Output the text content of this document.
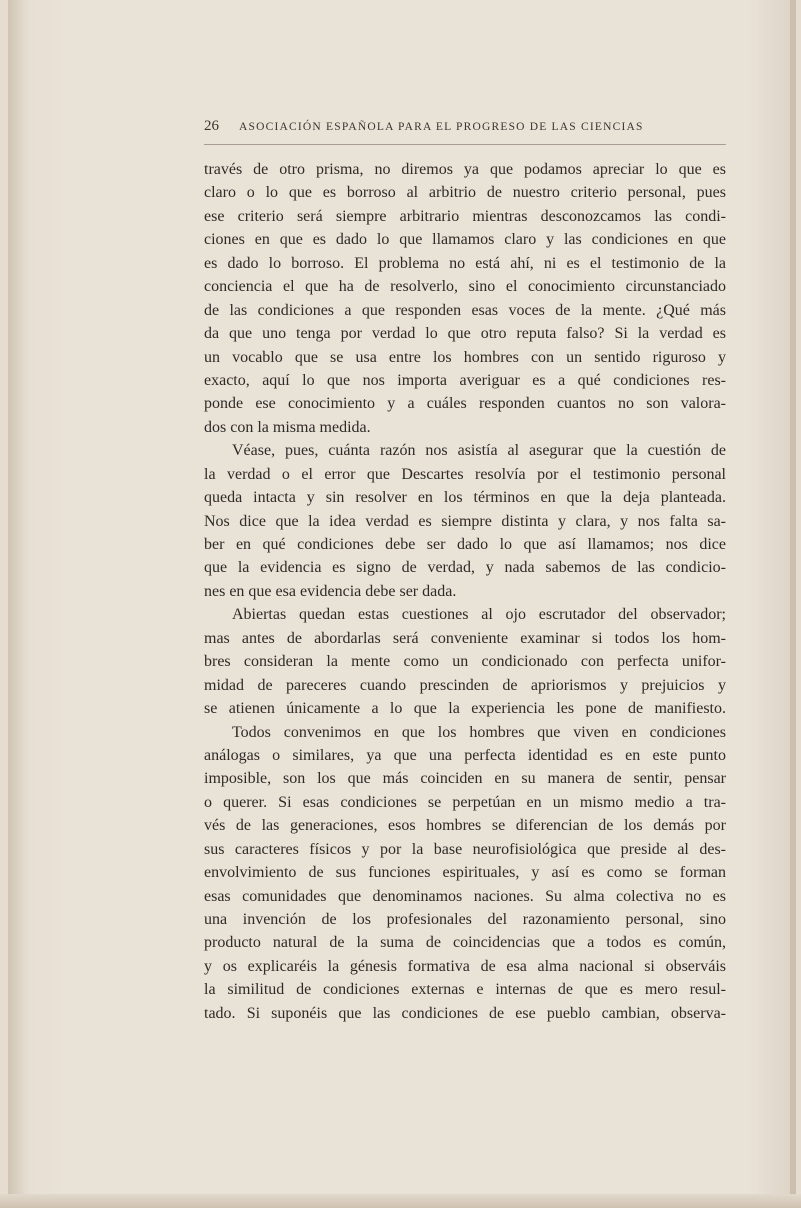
26 ASOCIACIÓN ESPAÑOLA PARA EL PROGRESO DE LAS CIENCIAS
través de otro prisma, no diremos ya que podamos apreciar lo que es
claro o lo que es borroso al arbitrio de nuestro criterio personal, pues
ese criterio será siempre arbitrario mientras desconozcamos las condi-
ciones en que es dado lo que llamamos claro y las condiciones en que
es dado lo borroso. El problema no está ahí, ni es el testimonio de la
conciencia el que ha de resolverlo, sino el conocimiento circunstanciado
de las condiciones a que responden esas voces de la mente. ¿Qué más
da que uno tenga por verdad lo que otro reputa falso? Si la verdad es
un vocablo que se usa entre los hombres con un sentido riguroso y
exacto, aquí lo que nos importa averiguar es a qué condiciones res-
ponde ese conocimiento y a cuáles responden cuantos no son valora-
dos con la misma medida.
Véase, pues, cuánta razón nos asistía al asegurar que la cuestión de
la verdad o el error que Descartes resolvía por el testimonio personal
queda intacta y sin resolver en los términos en que la deja planteada.
Nos dice que la idea verdad es siempre distinta y clara, y nos falta sa-
ber en qué condiciones debe ser dado lo que así llamamos; nos dice
que la evidencia es signo de verdad, y nada sabemos de las condicio-
nes en que esa evidencia debe ser dada.
Abiertas quedan estas cuestiones al ojo escrutador del observador;
mas antes de abordarlas será conveniente examinar si todos los hom-
bres consideran la mente como un condicionado con perfecta unifor-
midad de pareceres cuando prescinden de apriorismos y prejuicios y
se atienen únicamente a lo que la experiencia les pone de manifiesto.
Todos convenimos en que los hombres que viven en condiciones
análogas o similares, ya que una perfecta identidad es en este punto
imposible, son los que más coinciden en su manera de sentir, pensar
o querer. Si esas condiciones se perpetúan en un mismo medio a tra-
vés de las generaciones, esos hombres se diferencian de los demás por
sus caracteres físicos y por la base neurofisiológica que preside al des-
envolvimiento de sus funciones espirituales, y así es como se forman
esas comunidades que denominamos naciones. Su alma colectiva no es
una invención de los profesionales del razonamiento personal, sino
producto natural de la suma de coincidencias que a todos es común,
y os explicaréis la génesis formativa de esa alma nacional si observáis
la similitud de condiciones externas e internas de que es mero resul-
tado. Si suponéis que las condiciones de ese pueblo cambian, observa-
